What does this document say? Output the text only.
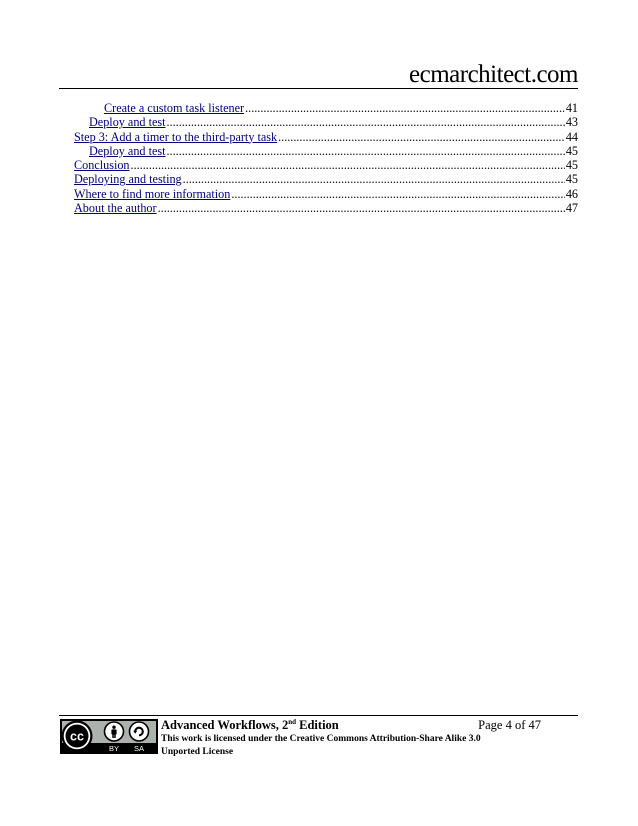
ecmarchitect.com
Create a custom task listener .....	41
Deploy and test .....	43
Step 3: Add a timer to the third-party task .....	44
Deploy and test .....	45
Conclusion .....	45
Deploying and testing .....	45
Where to find more information .....	46
About the author .....	47
cc
BY SA
Advanced Workflows, 2nd Edition	Page 4 of 47
This work is licensed under the Creative Commons Attribution-Share Alike 3.0 Unported License
